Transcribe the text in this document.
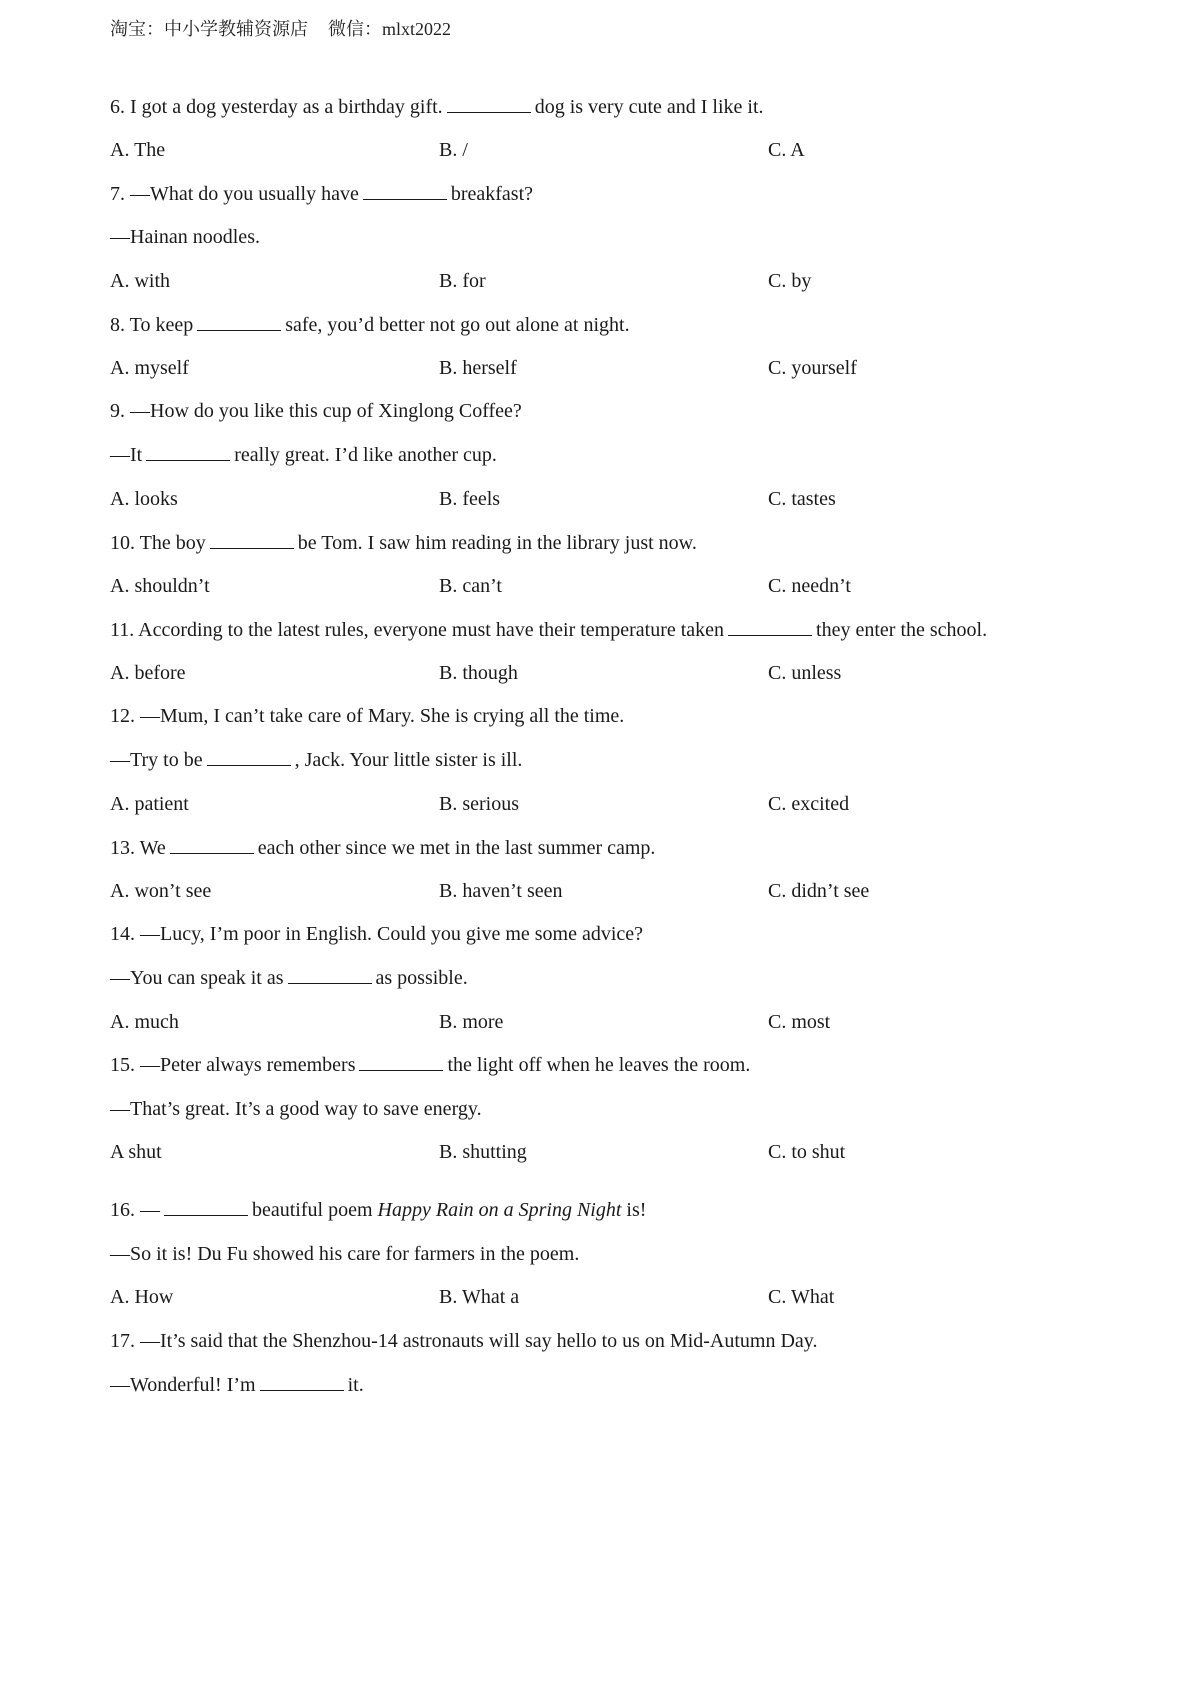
淘宝：中小学教辅资源店 微信：mlxt2022
6. I got a dog yesterday as a birthday gift.	dog is very cute and I like it.
A. The	B. /	C. A
7. —What do you usually have	breakfast?
—Hainan noodles.
A. with	B. for	C. by
8. To keep	safe, you’d better not go out alone at night.
A. myself	B. herself	C. yourself
9. —How do you like this cup of Xinglong Coffee?
—It	really great. I’d like another cup.
A. looks	B. feels	C. tastes
10. The boy	be Tom. I saw him reading in the library just now.
A. shouldn’t	B. can’t	C. needn’t
11. According to the latest rules, everyone must have their temperature taken	they enter the school.
A. before	B. though	C. unless
12. —Mum, I can’t take care of Mary. She is crying all the time.
—Try to be	, Jack. Your little sister is ill.
A. patient	B. serious	C. excited
13. We	each other since we met in the last summer camp.
A. won’t see	B. haven’t seen	C. didn’t see
14. —Lucy, I’m poor in English. Could you give me some advice?
—You can speak it as	as possible.
A. much	B. more	C. most
15. —Peter always remembers	the light off when he leaves the room.
—That’s great. It’s a good way to save energy.
A shut	B. shutting	C. to shut
16. —	beautiful poem Happy Rain on a Spring Night is!
—So it is! Du Fu showed his care for farmers in the poem.
A. How	B. What a	C. What
17. —It’s said that the Shenzhou-14 astronauts will say hello to us on Mid-Autumn Day.
—Wonderful! I’m	it.
